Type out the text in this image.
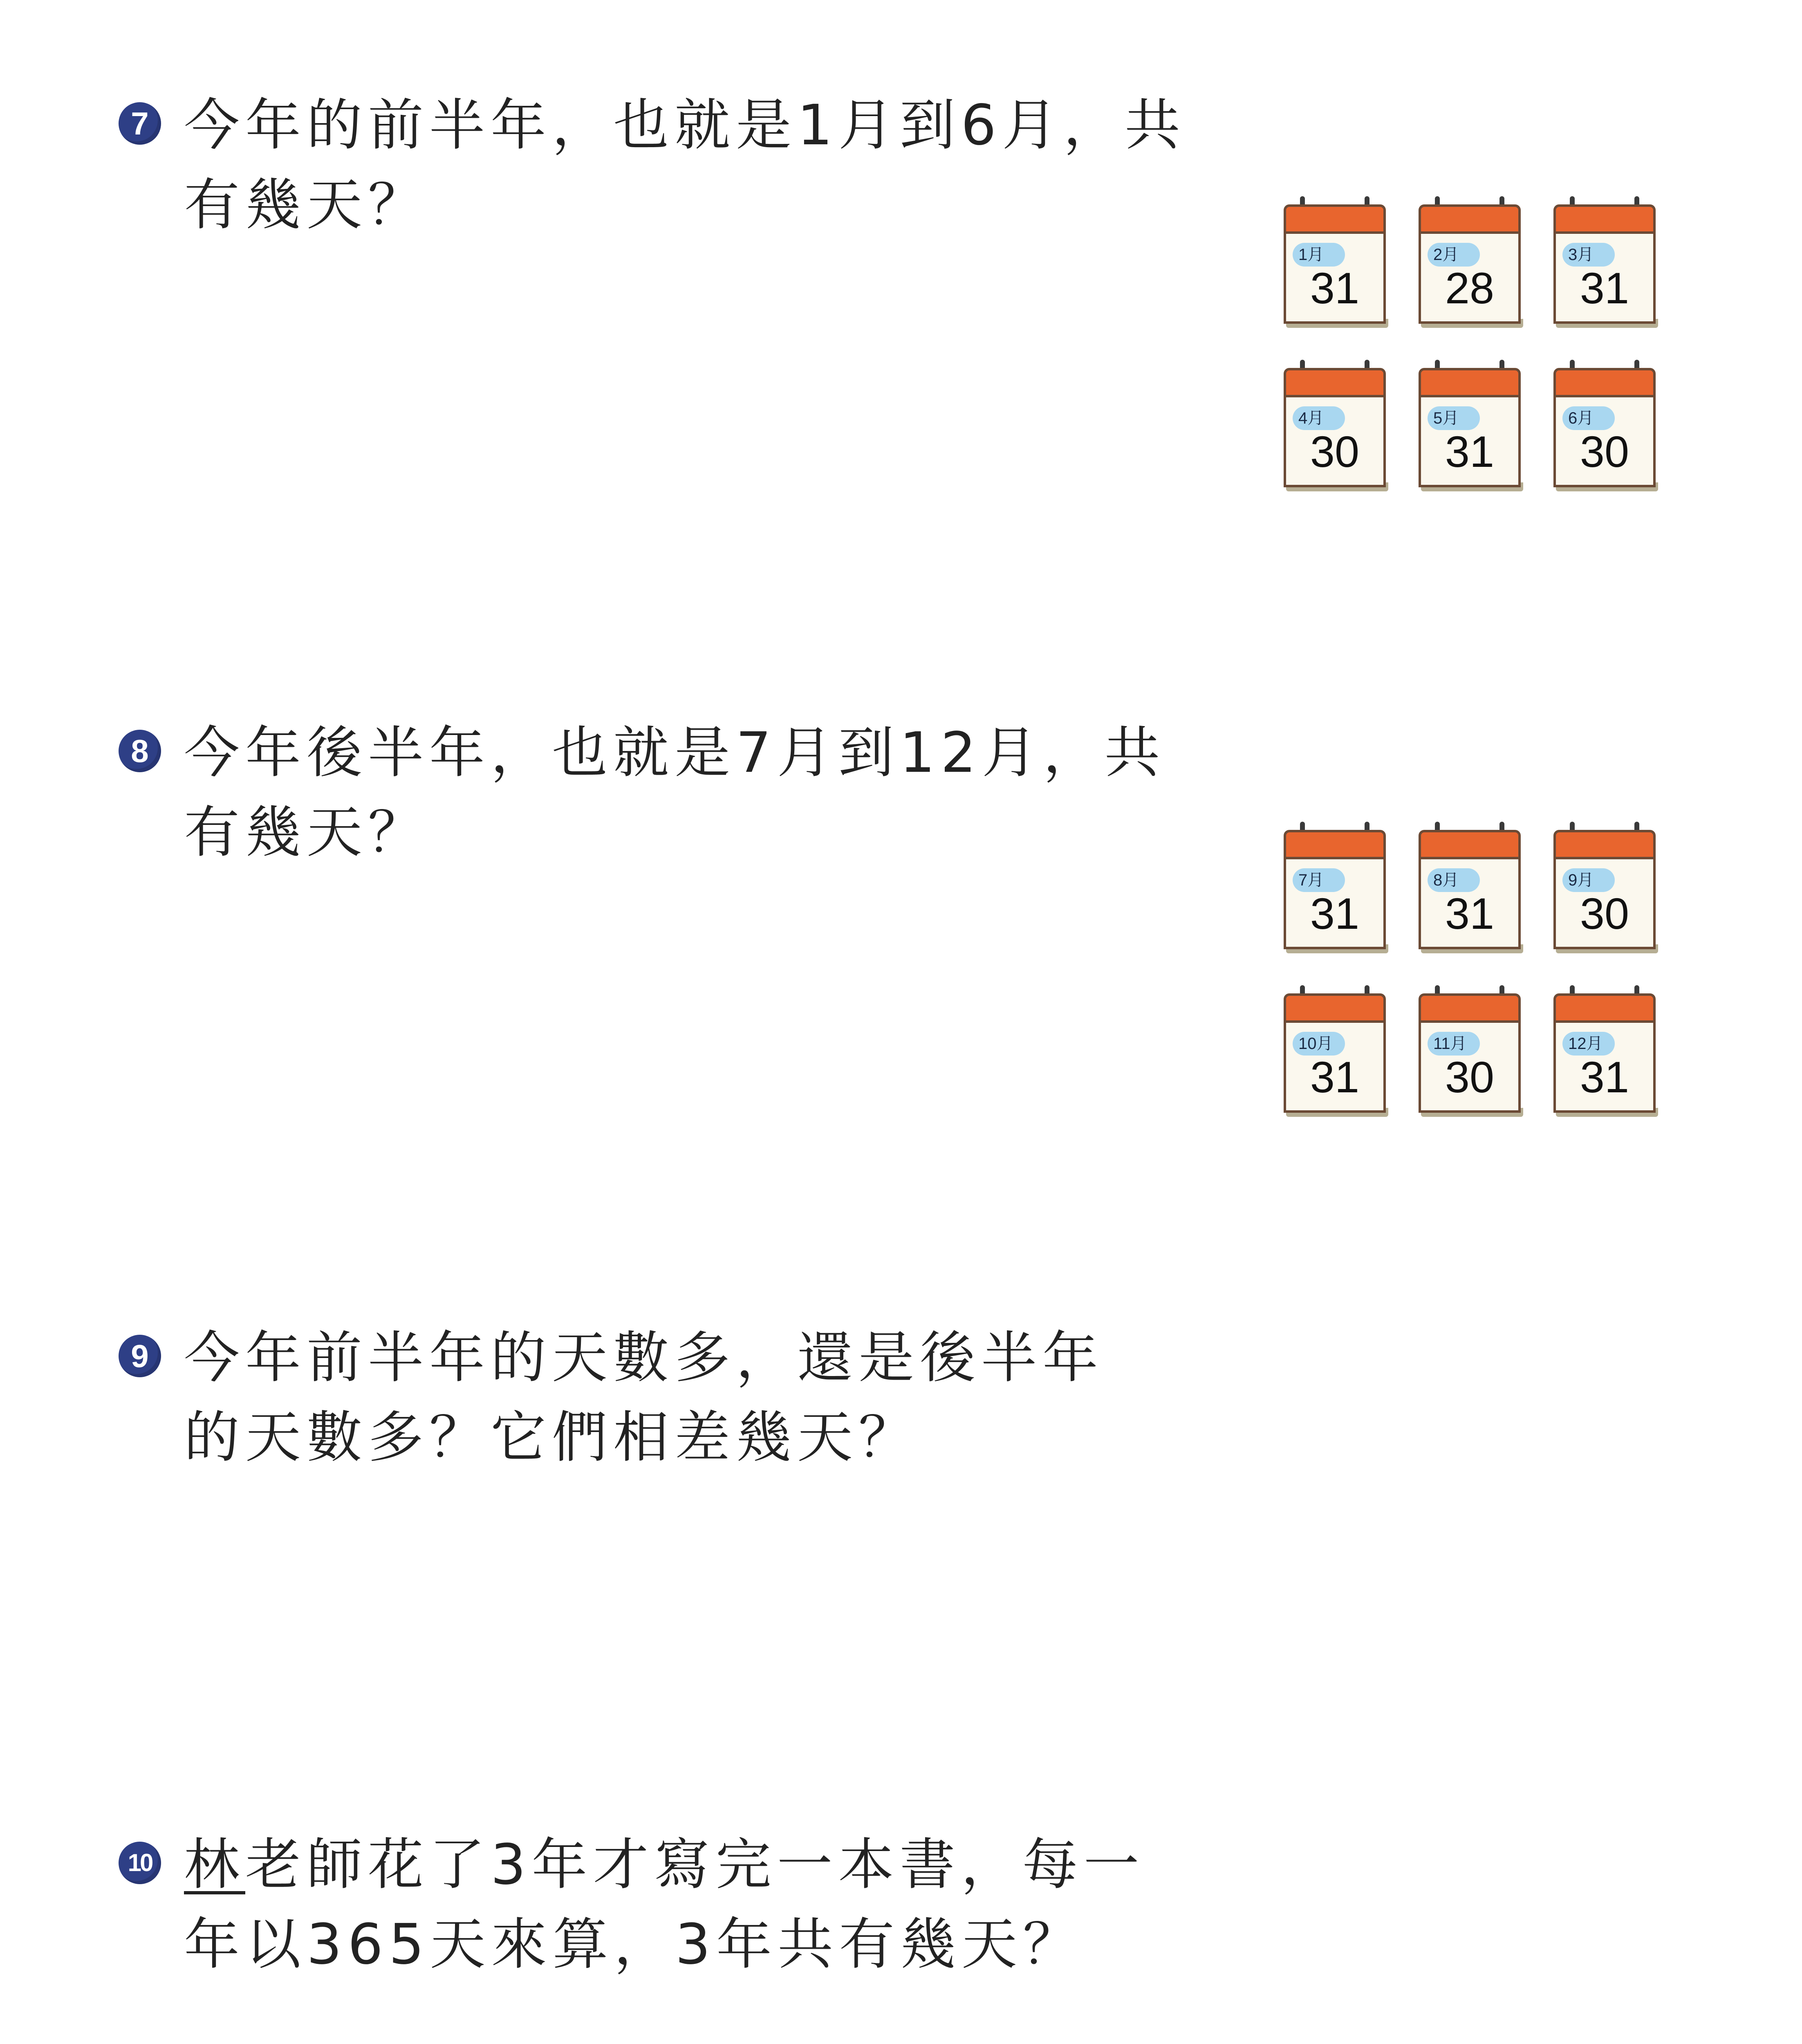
7 今年的前半年，也就是1月到6月，共
有幾天？
1月
31
2月
28
3月
31
4月
30
5月
31
6月
30
8 今年後半年，也就是7月到12月，共
有幾天？
7月
31
8月
31
9月
30
10月
31
11月
30
12月
31
9 今年前半年的天數多，還是後半年
的天數多？它們相差幾天？
10 林老師花了3年才寫完一本書，每一
年以365天來算，3年共有幾天？
